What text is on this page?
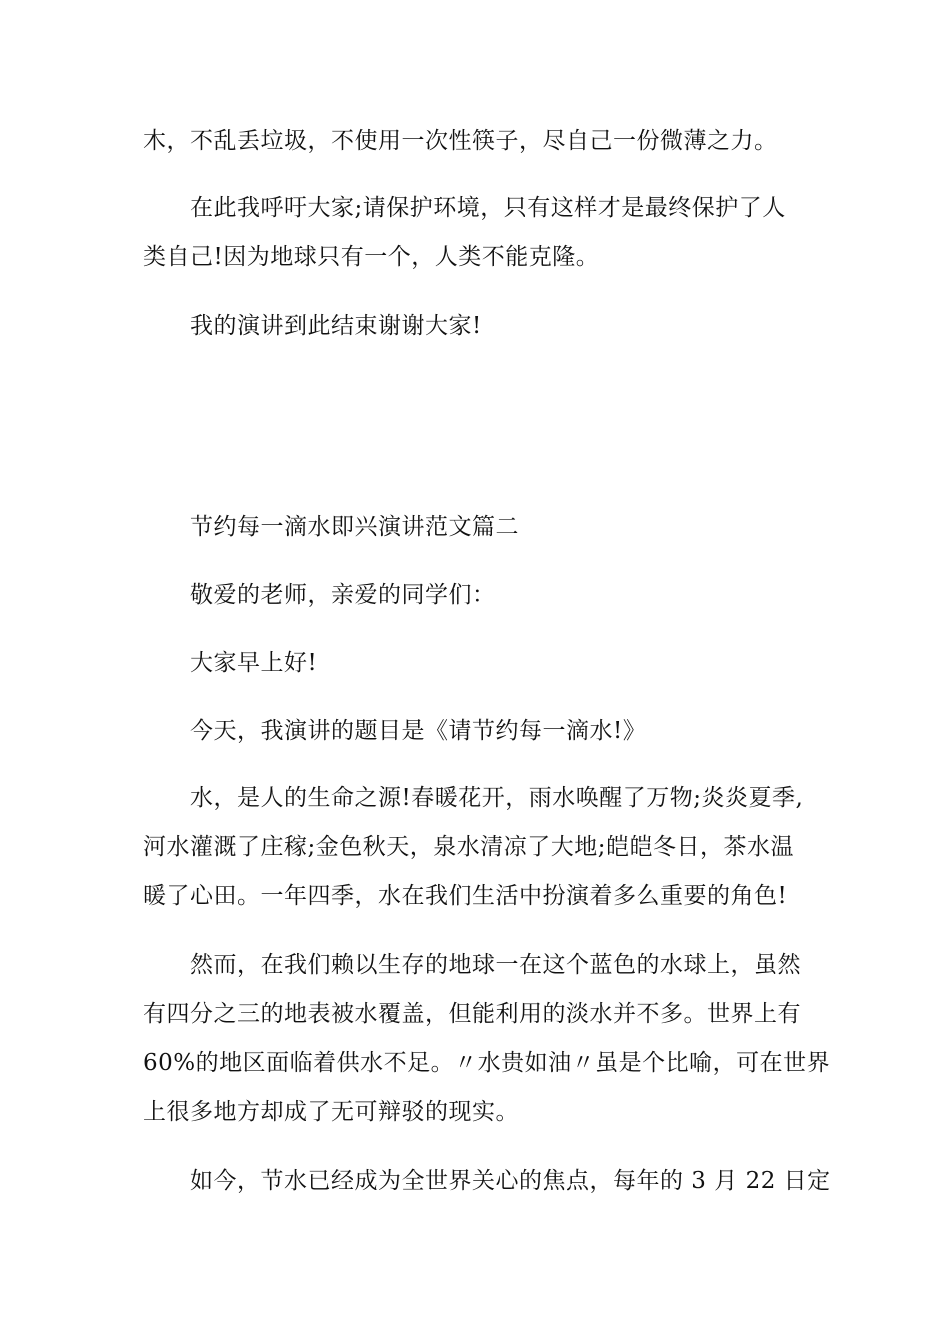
木，不乱丢垃圾，不使用一次性筷子，尽自己一份微薄之力。
在此我呼吁大家;请保护环境，只有这样才是最终保护了人
类自己!因为地球只有一个，人类不能克隆。
我的演讲到此结束谢谢大家!
节约每一滴水即兴演讲范文篇二
敬爱的老师，亲爱的同学们：
大家早上好!
今天，我演讲的题目是《请节约每一滴水!》
水，是人的生命之源!春暖花开，雨水唤醒了万物;炎炎夏季,
河水灌溉了庄稼;金色秋天，泉水清凉了大地;皑皑冬日，茶水温
暖了心田。一年四季，水在我们生活中扮演着多么重要的角色!
然而，在我们赖以生存的地球一在这个蓝色的水球上，虽然
有四分之三的地表被水覆盖，但能利用的淡水并不多。世界上有
60%的地区面临着供水不足。〃水贵如油〃虽是个比喻，可在世界
上很多地方却成了无可辩驳的现实。
如今，节水已经成为全世界关心的焦点，每年的 3 月 22 日定
